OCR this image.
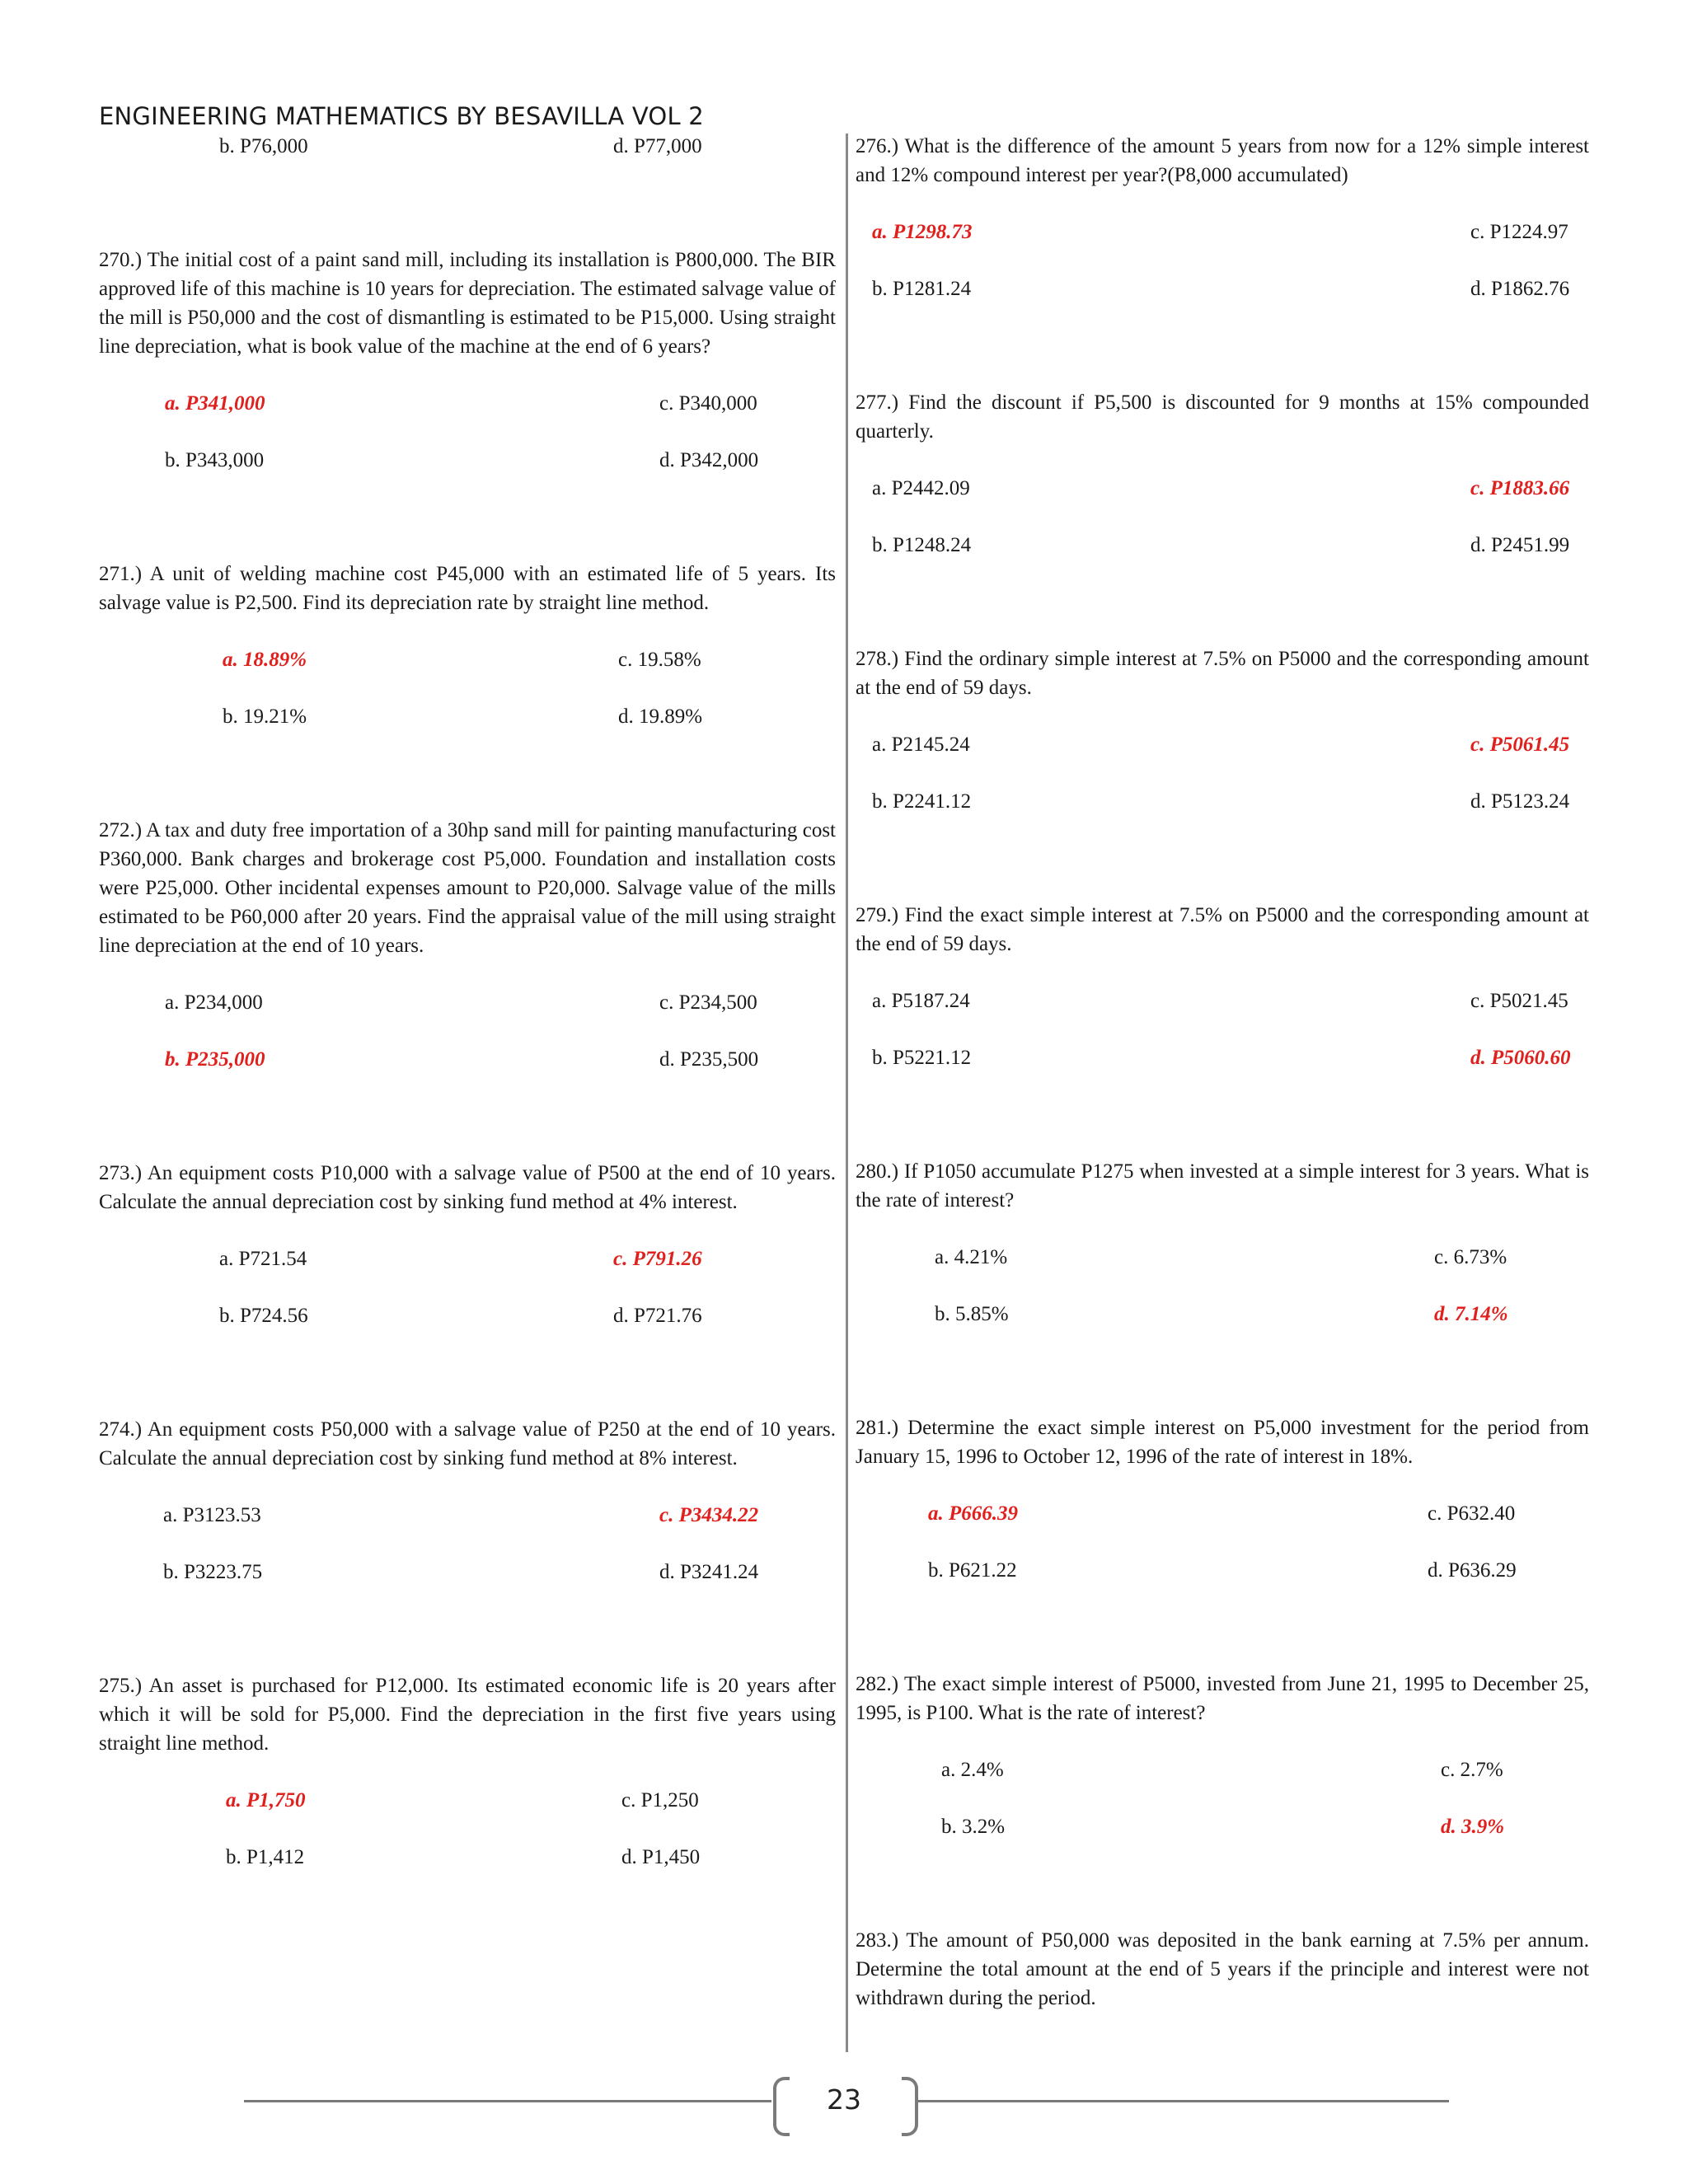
ENGINEERING MATHEMATICS BY BESAVILLA VOL 2
b. P76,000	d. P77,000

270.) The initial cost of a paint sand mill, including its installation is P800,000. The BIR approved life of this machine is 10 years for depreciation. The estimated salvage value of the mill is P50,000 and the cost of dismantling is estimated to be P15,000. Using straight line depreciation, what is book value of the machine at the end of 6 years?

a. P341,000	c. P340,000
b. P343,000	d. P342,000

271.) A unit of welding machine cost P45,000 with an estimated life of 5 years. Its salvage value is P2,500. Find its depreciation rate by straight line method.

a. 18.89%	c. 19.58%
b. 19.21%	d. 19.89%

272.) A tax and duty free importation of a 30hp sand mill for painting manufacturing cost P360,000. Bank charges and brokerage cost P5,000. Foundation and installation costs were P25,000. Other incidental expenses amount to P20,000. Salvage value of the mills estimated to be P60,000 after 20 years. Find the appraisal value of the mill using straight line depreciation at the end of 10 years.

a. P234,000	c. P234,500
b. P235,000	d. P235,500

273.) An equipment costs P10,000 with a salvage value of P500 at the end of 10 years. Calculate the annual depreciation cost by sinking fund method at 4% interest.

a. P721.54	c. P791.26
b. P724.56	d. P721.76

274.) An equipment costs P50,000 with a salvage value of P250 at the end of 10 years. Calculate the annual depreciation cost by sinking fund method at 8% interest.

a. P3123.53	c. P3434.22
b. P3223.75	d. P3241.24

275.) An asset is purchased for P12,000. Its estimated economic life is 20 years after which it will be sold for P5,000. Find the depreciation in the first five years using straight line method.

a. P1,750	c. P1,250
b. P1,412	d. P1,450

276.) What is the difference of the amount 5 years from now for a 12% simple interest and 12% compound interest per year?(P8,000 accumulated)

a. P1298.73	c. P1224.97
b. P1281.24	d. P1862.76

277.) Find the discount if P5,500 is discounted for 9 months at 15% compounded quarterly.

a. P2442.09	c. P1883.66
b. P1248.24	d. P2451.99

278.) Find the ordinary simple interest at 7.5% on P5000 and the corresponding amount at the end of 59 days.

a. P2145.24	c. P5061.45
b. P2241.12	d. P5123.24

279.) Find the exact simple interest at 7.5% on P5000 and the corresponding amount at the end of 59 days.

a. P5187.24	c. P5021.45
b. P5221.12	d. P5060.60

280.) If P1050 accumulate P1275 when invested at a simple interest for 3 years. What is the rate of interest?

a. 4.21%	c. 6.73%
b. 5.85%	d. 7.14%

281.) Determine the exact simple interest on P5,000 investment for the period from January 15, 1996 to October 12, 1996 of the rate of interest in 18%.

a. P666.39	c. P632.40
b. P621.22	d. P636.29

282.) The exact simple interest of P5000, invested from June 21, 1995 to December 25, 1995, is P100. What is the rate of interest?

a. 2.4%	c. 2.7%
b. 3.2%	d. 3.9%

283.) The amount of P50,000 was deposited in the bank earning at 7.5% per annum. Determine the total amount at the end of 5 years if the principle and interest were not withdrawn during the period.

23
